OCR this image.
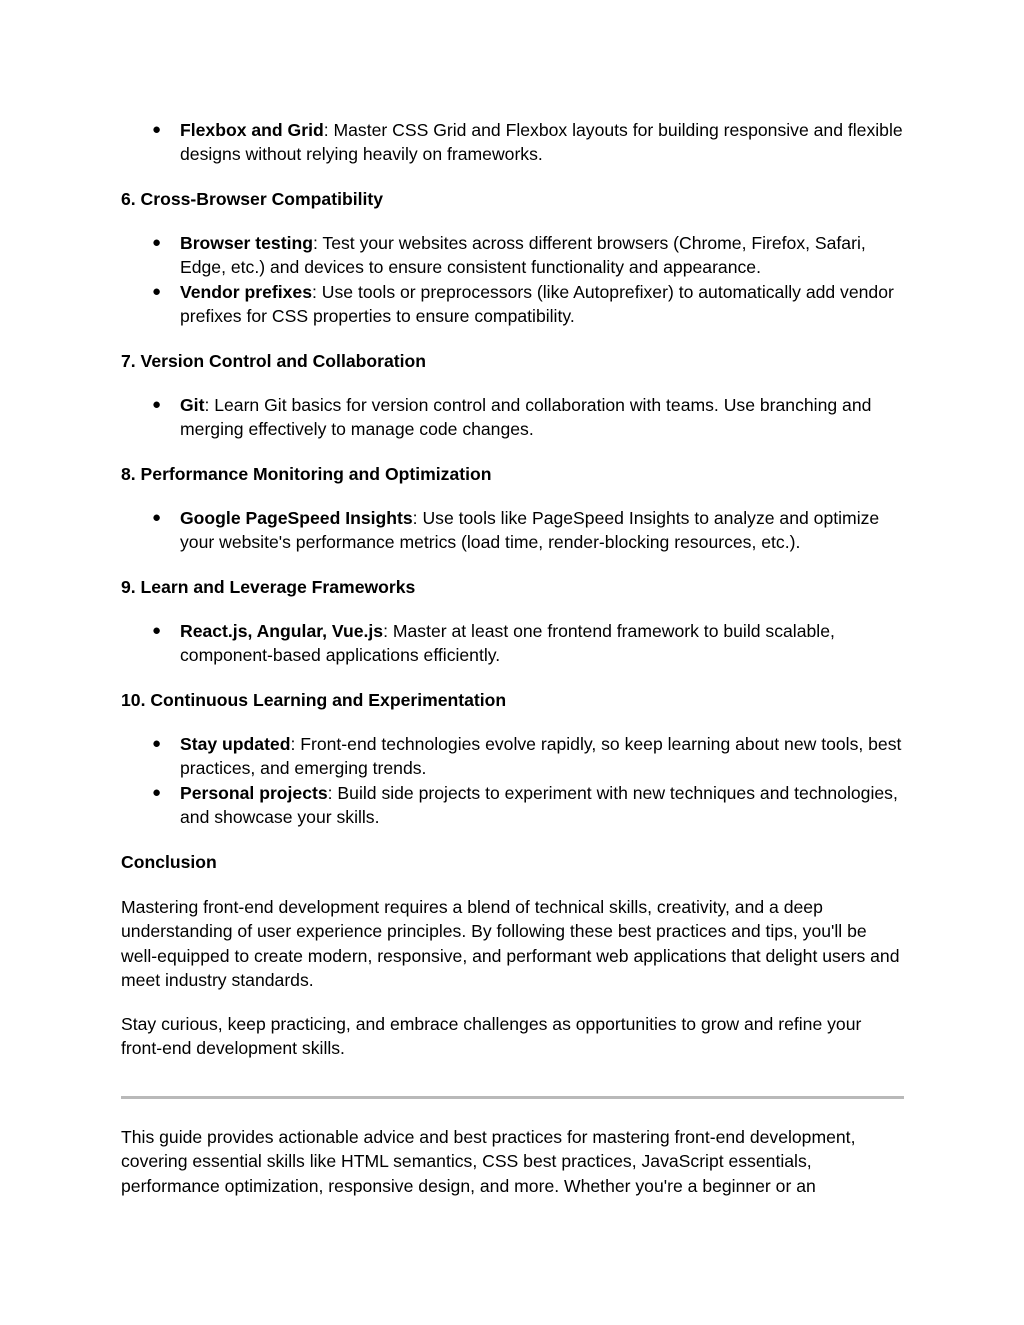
● Flexbox and Grid: Master CSS Grid and Flexbox layouts for building responsive and flexible designs without relying heavily on frameworks.
6. Cross-Browser Compatibility
● Browser testing: Test your websites across different browsers (Chrome, Firefox, Safari, Edge, etc.) and devices to ensure consistent functionality and appearance.
● Vendor prefixes: Use tools or preprocessors (like Autoprefixer) to automatically add vendor prefixes for CSS properties to ensure compatibility.
7. Version Control and Collaboration
● Git: Learn Git basics for version control and collaboration with teams. Use branching and merging effectively to manage code changes.
8. Performance Monitoring and Optimization
● Google PageSpeed Insights: Use tools like PageSpeed Insights to analyze and optimize your website's performance metrics (load time, render-blocking resources, etc.).
9. Learn and Leverage Frameworks
● React.js, Angular, Vue.js: Master at least one frontend framework to build scalable, component-based applications efficiently.
10. Continuous Learning and Experimentation
● Stay updated: Front-end technologies evolve rapidly, so keep learning about new tools, best practices, and emerging trends.
● Personal projects: Build side projects to experiment with new techniques and technologies, and showcase your skills.
Conclusion
Mastering front-end development requires a blend of technical skills, creativity, and a deep understanding of user experience principles. By following these best practices and tips, you'll be well-equipped to create modern, responsive, and performant web applications that delight users and meet industry standards.
Stay curious, keep practicing, and embrace challenges as opportunities to grow and refine your front-end development skills.
This guide provides actionable advice and best practices for mastering front-end development, covering essential skills like HTML semantics, CSS best practices, JavaScript essentials, performance optimization, responsive design, and more. Whether you're a beginner or an
